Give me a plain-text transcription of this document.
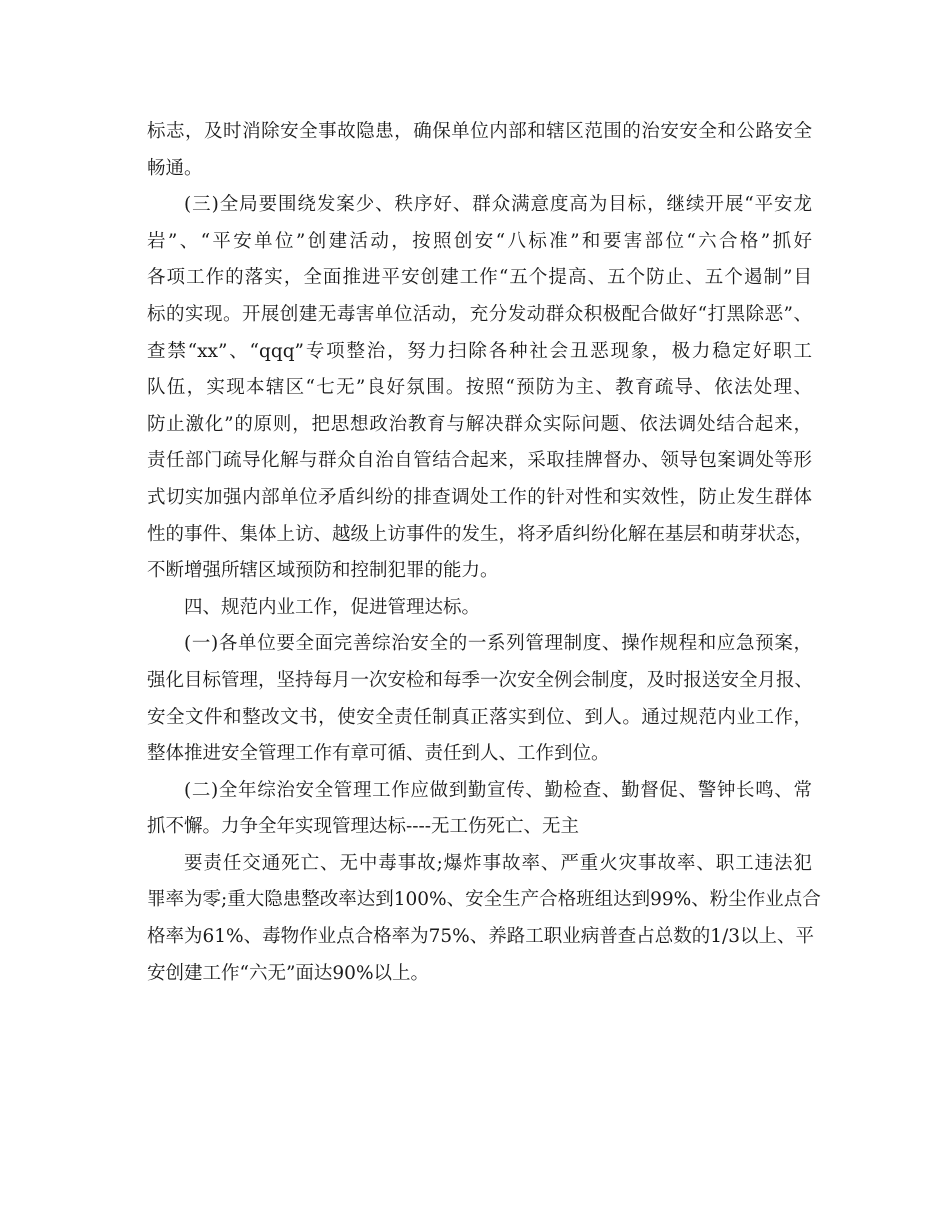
标志，及时消除安全事故隐患，确保单位内部和辖区范围的治安安全和公路安全
畅通。
(三)全局要围绕发案少、秩序好、群众满意度高为目标，继续开展“平安龙
岩”、“平安单位”创建活动，按照创安“八标准”和要害部位“六合格”抓好
各项工作的落实，全面推进平安创建工作“五个提高、五个防止、五个遏制”目
标的实现。开展创建无毒害单位活动，充分发动群众积极配合做好“打黑除恶”、
查禁“xx”、“qqq”专项整治，努力扫除各种社会丑恶现象，极力稳定好职工
队伍，实现本辖区“七无”良好氛围。按照“预防为主、教育疏导、依法处理、
防止激化”的原则，把思想政治教育与解决群众实际问题、依法调处结合起来，
责任部门疏导化解与群众自治自管结合起来，采取挂牌督办、领导包案调处等形
式切实加强内部单位矛盾纠纷的排查调处工作的针对性和实效性，防止发生群体
性的事件、集体上访、越级上访事件的发生，将矛盾纠纷化解在基层和萌芽状态，
不断增强所辖区域预防和控制犯罪的能力。
四、规范内业工作，促进管理达标。
(一)各单位要全面完善综治安全的一系列管理制度、操作规程和应急预案，
强化目标管理，坚持每月一次安检和每季一次安全例会制度，及时报送安全月报、
安全文件和整改文书，使安全责任制真正落实到位、到人。通过规范内业工作，
整体推进安全管理工作有章可循、责任到人、工作到位。
(二)全年综治安全管理工作应做到勤宣传、勤检查、勤督促、警钟长鸣、常
抓不懈。力争全年实现管理达标----无工伤死亡、无主
要责任交通死亡、无中毒事故;爆炸事故率、严重火灾事故率、职工违法犯
罪率为零;重大隐患整改率达到100%、安全生产合格班组达到99%、粉尘作业点合
格率为61%、毒物作业点合格率为75%、养路工职业病普查占总数的1/3以上、平
安创建工作“六无”面达90%以上。
